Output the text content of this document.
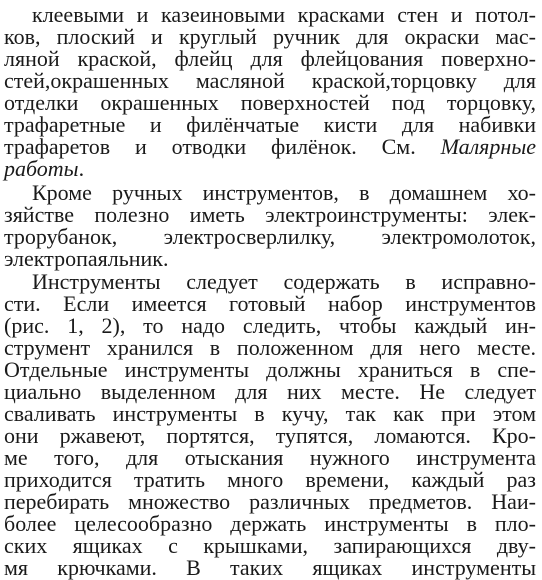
клеевыми и казеиновыми красками стен и потол-
ков, плоский и круглый ручник для окраски мас-
ляной краской, флейц для флейцования поверхно-
стей,окрашенных масляной краской,торцовку для
отделки окрашенных поверхностей под торцовку,
трафаретные и филёнчатые кисти для набивки
трафаретов и отводки филёнок. См. Малярные
работы.
Кроме ручных инструментов, в домашнем хо-
зяйстве полезно иметь электроинструменты: элек-
трорубанок, электросверлилку, электромолоток,
электропаяльник.
Инструменты следует содержать в исправно-
сти. Если имеется готовый набор инструментов
(рис. 1, 2), то надо следить, чтобы каждый ин-
струмент хранился в положенном для него месте.
Отдельные инструменты должны храниться в спе-
циально выделенном для них месте. Не следует
сваливать инструменты в кучу, так как при этом
они ржавеют, портятся, тупятся, ломаются. Кро-
ме того, для отыскания нужного инструмента
приходится тратить много времени, каждый раз
перебирать множество различных предметов. Наи-
более целесообразно держать инструменты в пло-
ских ящиках с крышками, запирающихся дву-
мя крючками. В таких ящиках инструменты
